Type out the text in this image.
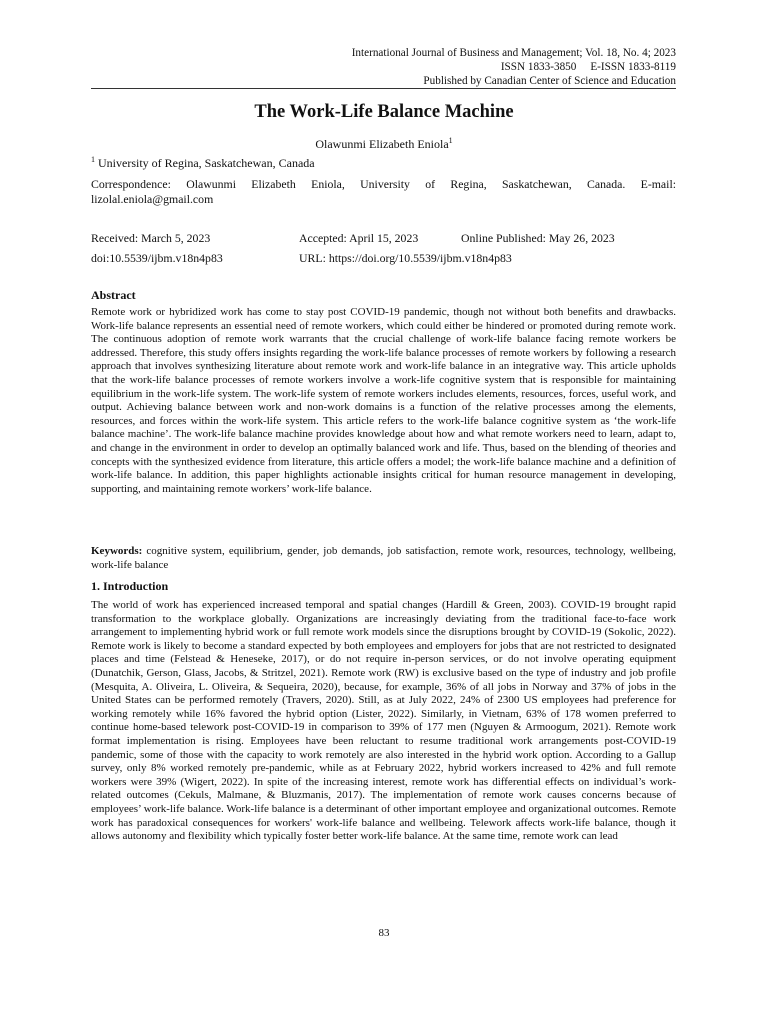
International Journal of Business and Management; Vol. 18, No. 4; 2023
ISSN 1833-3850     E-ISSN 1833-8119
Published by Canadian Center of Science and Education
The Work-Life Balance Machine
Olawunmi Elizabeth Eniola$^1$
$^1$ University of Regina, Saskatchewan, Canada
Correspondence: Olawunmi Elizabeth Eniola, University of Regina, Saskatchewan, Canada. E-mail: lizolal.eniola@gmail.com
Received: March 5, 2023	Accepted: April 15, 2023	Online Published: May 26, 2023
doi:10.5539/ijbm.v18n4p83	URL: https://doi.org/10.5539/ijbm.v18n4p83
Abstract
Remote work or hybridized work has come to stay post COVID-19 pandemic, though not without both benefits and drawbacks. Work-life balance represents an essential need of remote workers, which could either be hindered or promoted during remote work. The continuous adoption of remote work warrants that the crucial challenge of work-life balance facing remote workers be addressed. Therefore, this study offers insights regarding the work-life balance processes of remote workers by following a research approach that involves synthesizing literature about remote work and work-life balance in an integrative way. This article upholds that the work-life balance processes of remote workers involve a work-life cognitive system that is responsible for maintaining equilibrium in the work-life system. The work-life system of remote workers includes elements, resources, forces, useful work, and output. Achieving balance between work and non-work domains is a function of the relative processes among the elements, resources, and forces within the work-life system. This article refers to the work-life balance cognitive system as ‘the work-life balance machine’. The work-life balance machine provides knowledge about how and what remote workers need to learn, adapt to, and change in the environment in order to develop an optimally balanced work and life. Thus, based on the blending of theories and concepts with the synthesized evidence from literature, this article offers a model; the work-life balance machine and a definition of work-life balance. In addition, this paper highlights actionable insights critical for human resource management in developing, supporting, and maintaining remote workers’ work-life balance.
Keywords: cognitive system, equilibrium, gender, job demands, job satisfaction, remote work, resources, technology, wellbeing, work-life balance
1. Introduction
The world of work has experienced increased temporal and spatial changes (Hardill & Green, 2003). COVID-19 brought rapid transformation to the workplace globally. Organizations are increasingly deviating from the traditional face-to-face work arrangement to implementing hybrid work or full remote work models since the disruptions brought by COVID-19 (Sokolic, 2022). Remote work is likely to become a standard expected by both employees and employers for jobs that are not restricted to designated places and time (Felstead & Heneseke, 2017), or do not require in-person services, or do not involve operating equipment (Dunatchik, Gerson, Glass, Jacobs, & Stritzel, 2021). Remote work (RW) is exclusive based on the type of industry and job profile (Mesquita, A. Oliveira, L. Oliveira, & Sequeira, 2020), because, for example, 36% of all jobs in Norway and 37% of jobs in the United States can be performed remotely (Travers, 2020). Still, as at July 2022, 24% of 2300 US employees had preference for working remotely while 16% favored the hybrid option (Lister, 2022). Similarly, in Vietnam, 63% of 178 women preferred to continue home-based telework post-COVID-19 in comparison to 39% of 177 men (Nguyen & Armoogum, 2021). Remote work format implementation is rising. Employees have been reluctant to resume traditional work arrangements post-COVID-19 pandemic, some of those with the capacity to work remotely are also interested in the hybrid work option. According to a Gallup survey, only 8% worked remotely pre-pandemic, while as at February 2022, hybrid workers increased to 42% and full remote workers were 39% (Wigert, 2022). In spite of the increasing interest, remote work has differential effects on individual’s work-related outcomes (Cekuls, Malmane, & Bluzmanis, 2017). The implementation of remote work causes concerns because of employees’ work-life balance. Work-life balance is a determinant of other important employee and organizational outcomes. Remote work has paradoxical consequences for workers' work-life balance and wellbeing. Telework affects work-life balance, though it allows autonomy and flexibility which typically foster better work-life balance. At the same time, remote work can lead
83
